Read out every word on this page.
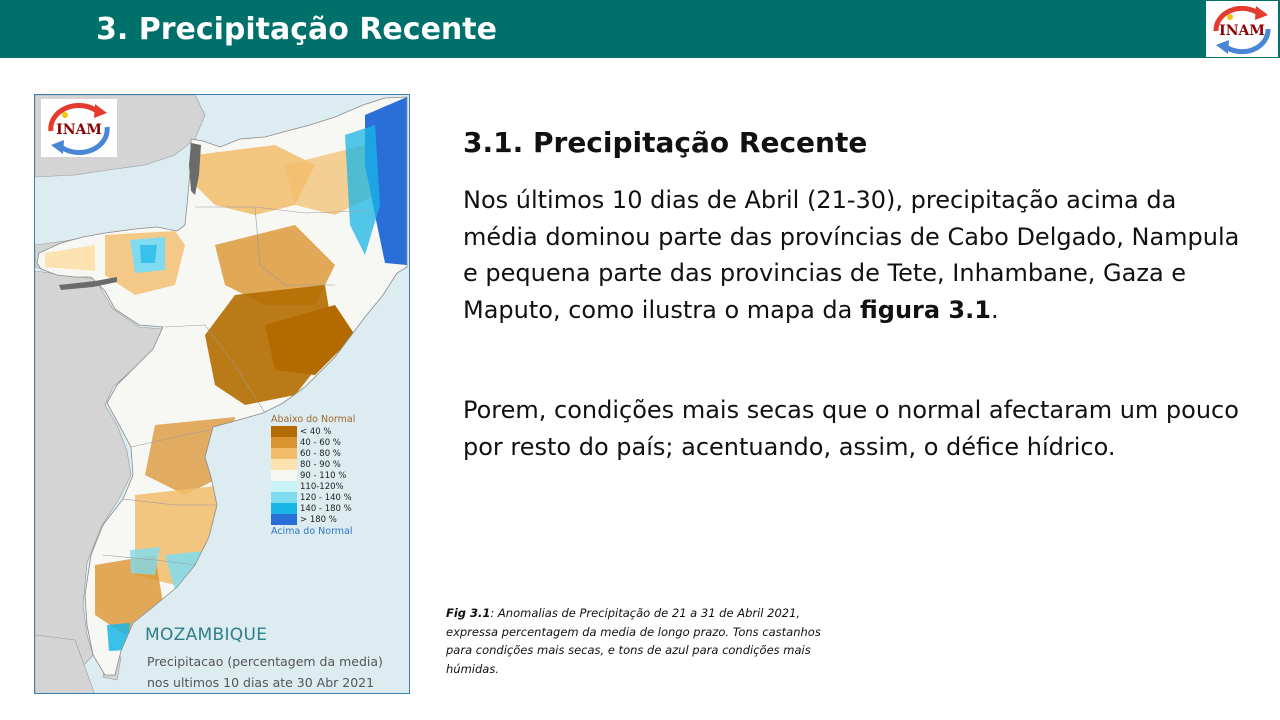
3. Precipitação Recente	INAM
INAM
Abaixo do Normal
< 40 %
40 - 60 %
60 - 80 %
80 - 90 %
90 - 110 %
110-120%
120 - 140 %
140 - 180 %
> 180 %
Acima do Normal
MOZAMBIQUE
Precipitacao (percentagem da media)
nos ultimos 10 dias ate 30 Abr 2021
3.1. Precipitação Recente
Nos últimos 10 dias de Abril (21-30), precipitação acima da média dominou parte das províncias de Cabo Delgado, Nampula e pequena parte das provincias de Tete, Inhambane, Gaza e Maputo, como ilustra o mapa da figura 3.1.
Porem, condições mais secas que o normal afectaram um pouco por resto do país; acentuando, assim, o défice hídrico.
Fig 3.1: Anomalias de Precipitação de 21 a 31 de Abril 2021, expressa percentagem da media de longo prazo. Tons castanhos para condições mais secas, e tons de azul para condições mais húmidas.
